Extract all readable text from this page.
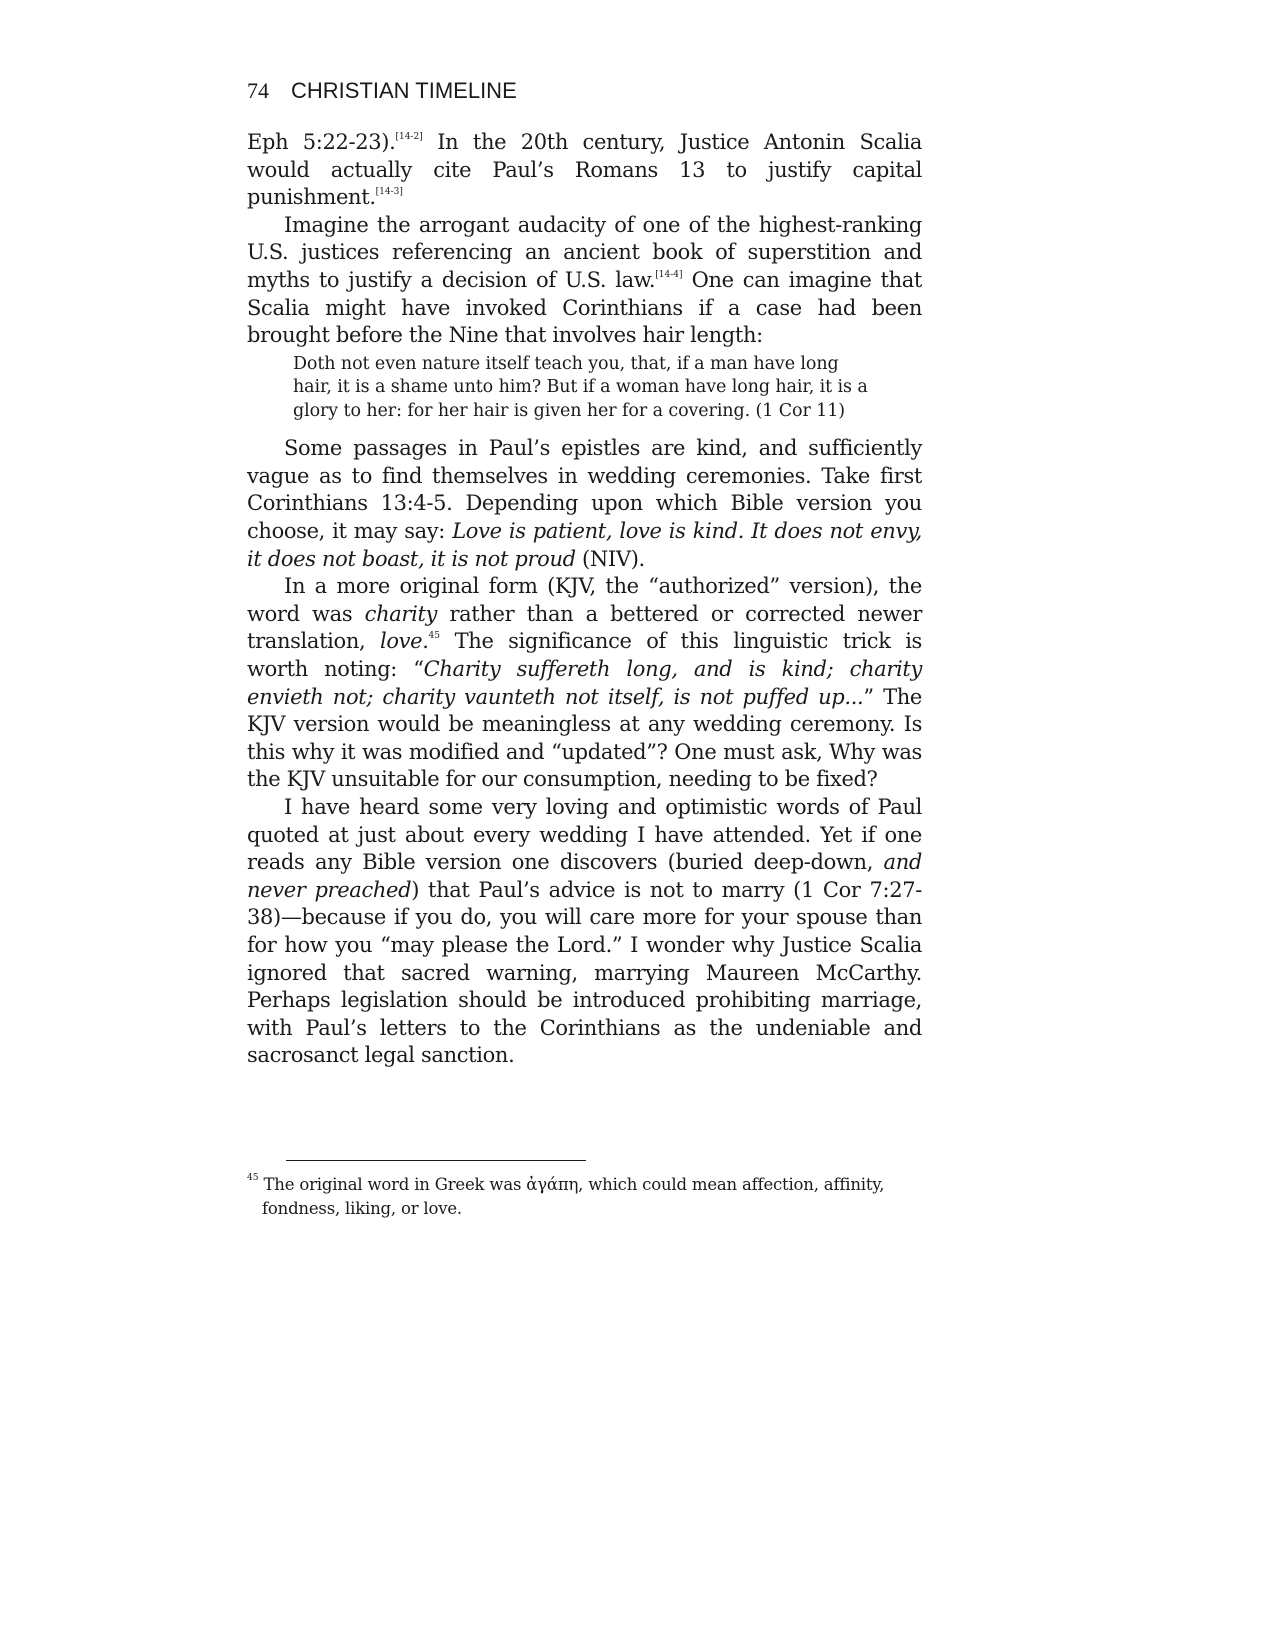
74 CHRISTIAN TIMELINE

Eph 5:22-23).[14-2] In the 20th century, Justice Antonin Scalia would actually cite Paul’s Romans 13 to justify capital punishment.[14-3]

Imagine the arrogant audacity of one of the highest-ranking U.S. justices referencing an ancient book of superstition and myths to justify a decision of U.S. law.[14-4] One can imagine that Scalia might have invoked Corinthians if a case had been brought before the Nine that involves hair length:

Doth not even nature itself teach you, that, if a man have long hair, it is a shame unto him? But if a woman have long hair, it is a glory to her: for her hair is given her for a covering. (1 Cor 11)

Some passages in Paul’s epistles are kind, and sufficiently vague as to find themselves in wedding ceremonies. Take first Corinthians 13:4-5. Depending upon which Bible version you choose, it may say: Love is patient, love is kind. It does not envy, it does not boast, it is not proud (NIV).

In a more original form (KJV, the “authorized” version), the word was charity rather than a bettered or corrected newer translation, love.$^{45}$ The significance of this linguistic trick is worth noting: “Charity suffereth long, and is kind; charity envieth not; charity vaunteth not itself, is not puffed up...” The KJV version would be meaningless at any wedding ceremony. Is this why it was modified and “updated”? One must ask, Why was the KJV unsuitable for our consumption, needing to be fixed?

I have heard some very loving and optimistic words of Paul quoted at just about every wedding I have attended. Yet if one reads any Bible version one discovers (buried deep-down, and never preached) that Paul’s advice is not to marry (1 Cor 7:27-38)—because if you do, you will care more for your spouse than for how you “may please the Lord.” I wonder why Justice Scalia ignored that sacred warning, marrying Maureen McCarthy. Perhaps legislation should be introduced prohibiting marriage, with Paul’s letters to the Corinthians as the undeniable and sacrosanct legal sanction.

$^{45}$ The original word in Greek was ἀγάπη, which could mean affection, affinity,
fondness, liking, or love.
